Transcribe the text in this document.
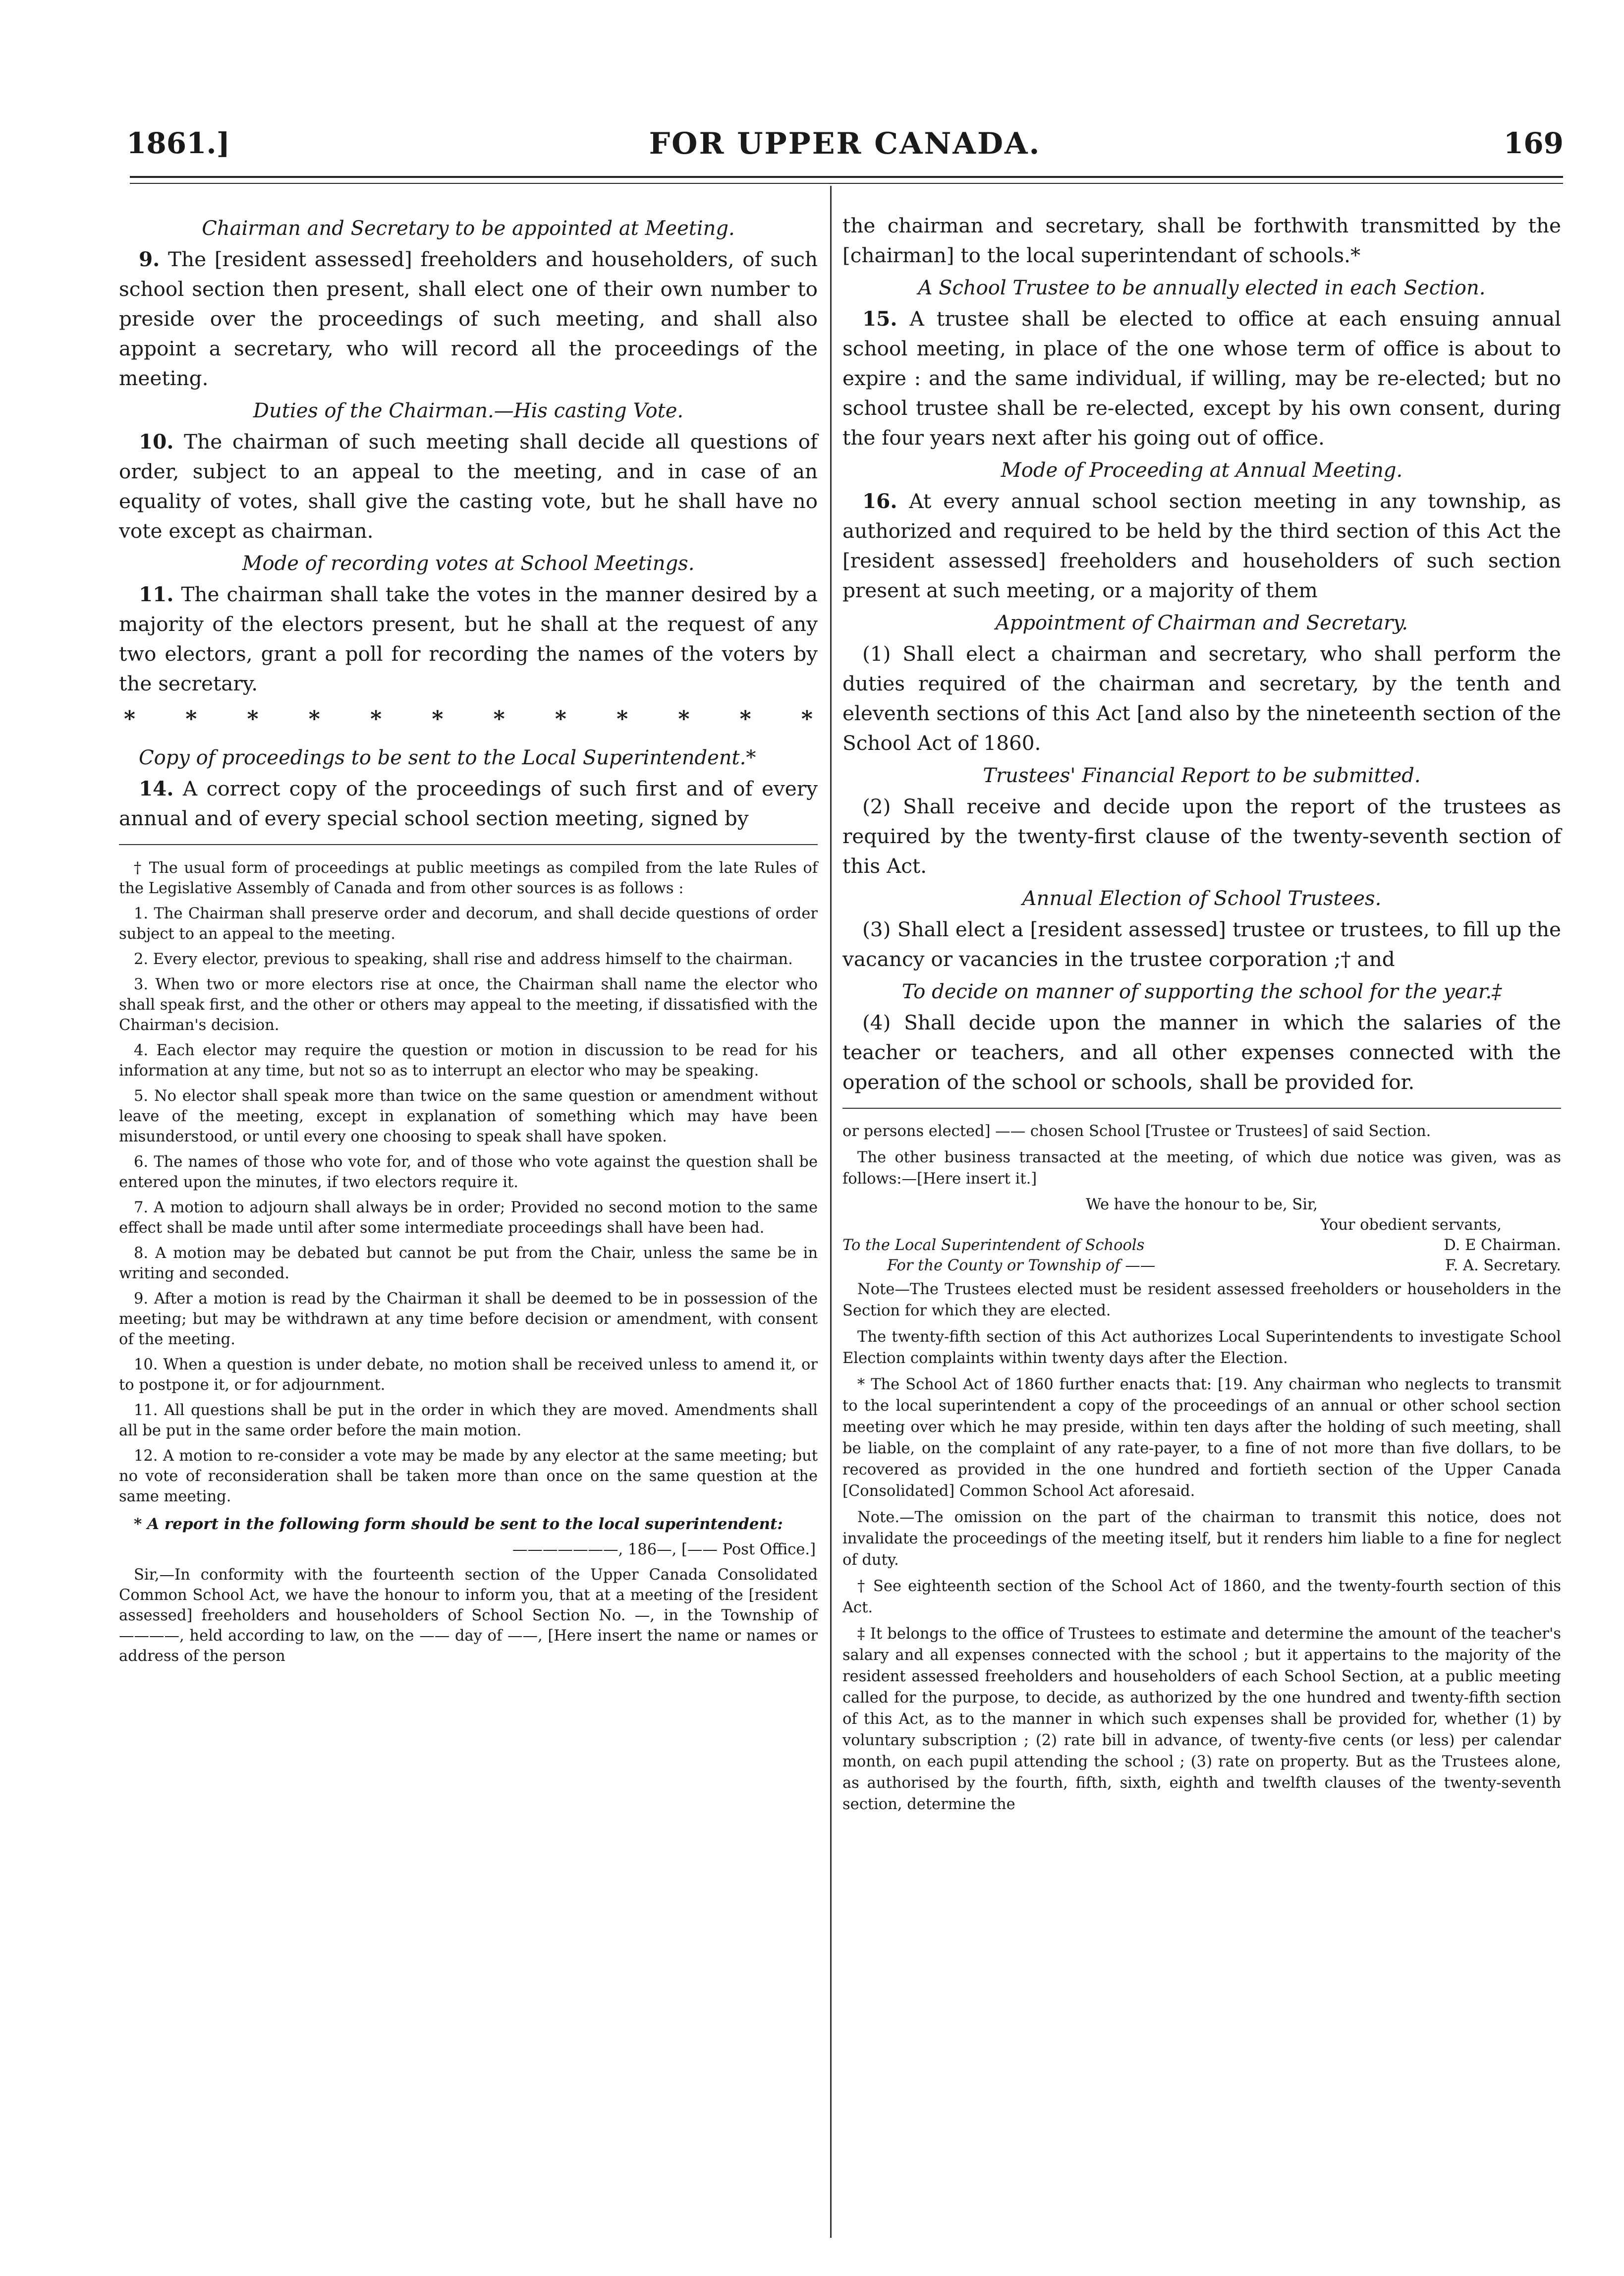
1861.]	FOR UPPER CANADA.	169
Chairman and Secretary to be appointed at Meeting.

9. The [resident assessed] freeholders and householders, of such school section then present, shall elect one of their own number to preside over the proceedings of such meeting, and shall also appoint a secretary, who will record all the proceedings of the meeting.

Duties of the Chairman.—His casting Vote.

10. The chairman of such meeting shall decide all questions of order, subject to an appeal to the meeting, and in case of an equality of votes, shall give the casting vote, but he shall have no vote except as chairman.

Mode of recording votes at School Meetings.

11. The chairman shall take the votes in the manner desired by a majority of the electors present, but he shall at the request of any two electors, grant a poll for recording the names of the voters by the secretary.

* * * * * * * * * * * *
Copy of proceedings to be sent to the Local Superintendent.*

14. A correct copy of the proceedings of such first and of every annual and of every special school section meeting, signed by

† The usual form of proceedings at public meetings as compiled from the late Rules of the Legislative Assembly of Canada and from other sources is as follows :

1. The Chairman shall preserve order and decorum, and shall decide questions of order subject to an appeal to the meeting.

2. Every elector, previous to speaking, shall rise and address himself to the chairman.

3. When two or more electors rise at once, the Chairman shall name the elector who shall speak first, and the other or others may appeal to the meeting, if dissatisfied with the Chairman's decision.

4. Each elector may require the question or motion in discussion to be read for his information at any time, but not so as to interrupt an elector who may be speaking.

5. No elector shall speak more than twice on the same question or amendment without leave of the meeting, except in explanation of something which may have been misunderstood, or until every one choosing to speak shall have spoken.

6. The names of those who vote for, and of those who vote against the question shall be entered upon the minutes, if two electors require it.

7. A motion to adjourn shall always be in order; Provided no second motion to the same effect shall be made until after some intermediate proceedings shall have been had.

8. A motion may be debated but cannot be put from the Chair, unless the same be in writing and seconded.

9. After a motion is read by the Chairman it shall be deemed to be in possession of the meeting; but may be withdrawn at any time before decision or amendment, with consent of the meeting.

10. When a question is under debate, no motion shall be received unless to amend it, or to postpone it, or for adjournment.

11. All questions shall be put in the order in which they are moved. Amendments shall all be put in the same order before the main motion.

12. A motion to re-consider a vote may be made by any elector at the same meeting; but no vote of reconsideration shall be taken more than once on the same question at the same meeting.

* A report in the following form should be sent to the local superintendent:

———————, 186—, [—— Post Office.]

Sir,—In conformity with the fourteenth section of the Upper Canada Consolidated Common School Act, we have the honour to inform you, that at a meeting of the [resident assessed] freeholders and householders of School Section No. —, in the Township of ————, held according to law, on the —— day of ——, [Here insert the name or names or address of the person

the chairman and secretary, shall be forthwith transmitted by the [chairman] to the local superintendant of schools.*

A School Trustee to be annually elected in each Section.

15. A trustee shall be elected to office at each ensuing annual school meeting, in place of the one whose term of office is about to expire : and the same individual, if willing, may be re-elected; but no school trustee shall be re-elected, except by his own consent, during the four years next after his going out of office.

Mode of Proceeding at Annual Meeting.

16. At every annual school section meeting in any township, as authorized and required to be held by the third section of this Act the [resident assessed] freeholders and householders of such section present at such meeting, or a majority of them

Appointment of Chairman and Secretary.

(1) Shall elect a chairman and secretary, who shall perform the duties required of the chairman and secretary, by the tenth and eleventh sections of this Act [and also by the nineteenth section of the School Act of 1860.

Trustees' Financial Report to be submitted.

(2) Shall receive and decide upon the report of the trustees as required by the twenty-first clause of the twenty-seventh section of this Act.

Annual Election of School Trustees.

(3) Shall elect a [resident assessed] trustee or trustees, to fill up the vacancy or vacancies in the trustee corporation ;† and

To decide on manner of supporting the school for the year.‡

(4) Shall decide upon the manner in which the salaries of the teacher or teachers, and all other expenses connected with the operation of the school or schools, shall be provided for.

or persons elected] —— chosen School [Trustee or Trustees] of said Section.

The other business transacted at the meeting, of which due notice was given, was as follows:—[Here insert it.]

We have the honour to be, Sir,
Your obedient servants,
To the Local Superintendent of Schools	D. E Chairman.
For the County or Township of ——	F. A. Secretary.

Note—The Trustees elected must be resident assessed freeholders or householders in the Section for which they are elected.

The twenty-fifth section of this Act authorizes Local Superintendents to investigate School Election complaints within twenty days after the Election.

* The School Act of 1860 further enacts that: [19. Any chairman who neglects to transmit to the local superintendent a copy of the proceedings of an annual or other school section meeting over which he may preside, within ten days after the holding of such meeting, shall be liable, on the complaint of any rate-payer, to a fine of not more than five dollars, to be recovered as provided in the one hundred and fortieth section of the Upper Canada [Consolidated] Common School Act aforesaid.

Note.—The omission on the part of the chairman to transmit this notice, does not invalidate the proceedings of the meeting itself, but it renders him liable to a fine for neglect of duty.

† See eighteenth section of the School Act of 1860, and the twenty-fourth section of this Act.

‡ It belongs to the office of Trustees to estimate and determine the amount of the teacher's salary and all expenses connected with the school ; but it appertains to the majority of the resident assessed freeholders and householders of each School Section, at a public meeting called for the purpose, to decide, as authorized by the one hundred and twenty-fifth section of this Act, as to the manner in which such expenses shall be provided for, whether (1) by voluntary subscription ; (2) rate bill in advance, of twenty-five cents (or less) per calendar month, on each pupil attending the school ; (3) rate on property. But as the Trustees alone, as authorised by the fourth, fifth, sixth, eighth and twelfth clauses of the twenty-seventh section, determine the
